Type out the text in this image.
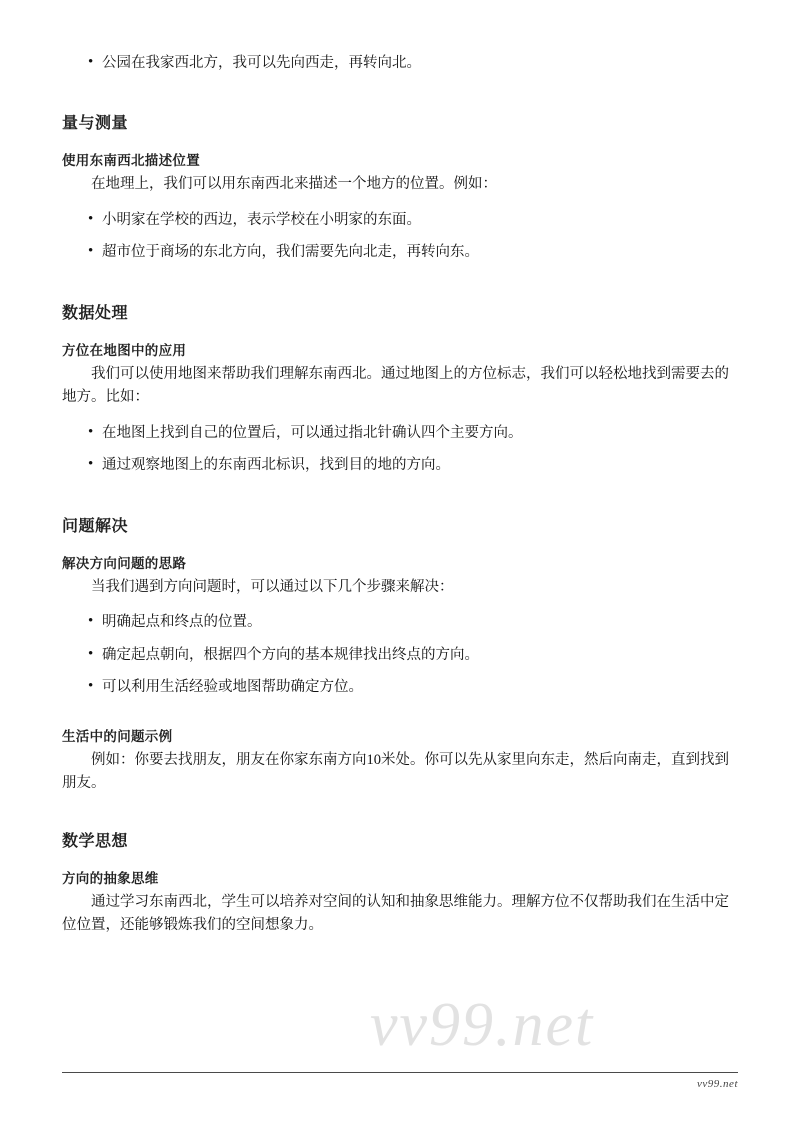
vv99.net
• 公园在我家西北方，我可以先向西走，再转向北。
量与测量
使用东南西北描述位置

在地理上，我们可以用东南西北来描述一个地方的位置。例如：

• 小明家在学校的西边，表示学校在小明家的东面。
• 超市位于商场的东北方向，我们需要先向北走，再转向东。
数据处理
方位在地图中的应用

我们可以使用地图来帮助我们理解东南西北。通过地图上的方位标志，我们可以轻松地找到需要去的地方。比如：

• 在地图上找到自己的位置后，可以通过指北针确认四个主要方向。
• 通过观察地图上的东南西北标识，找到目的地的方向。
问题解决
解决方向问题的思路

当我们遇到方向问题时，可以通过以下几个步骤来解决：

• 明确起点和终点的位置。
• 确定起点朝向，根据四个方向的基本规律找出终点的方向。
• 可以利用生活经验或地图帮助确定方位。
生活中的问题示例

例如：你要去找朋友，朋友在你家东南方向10米处。你可以先从家里向东走，然后向南走，直到找到朋友。

数学思想
方向的抽象思维

通过学习东南西北，学生可以培养对空间的认知和抽象思维能力。理解方位不仅帮助我们在生活中定位位置，还能够锻炼我们的空间想象力。

vv99.net
